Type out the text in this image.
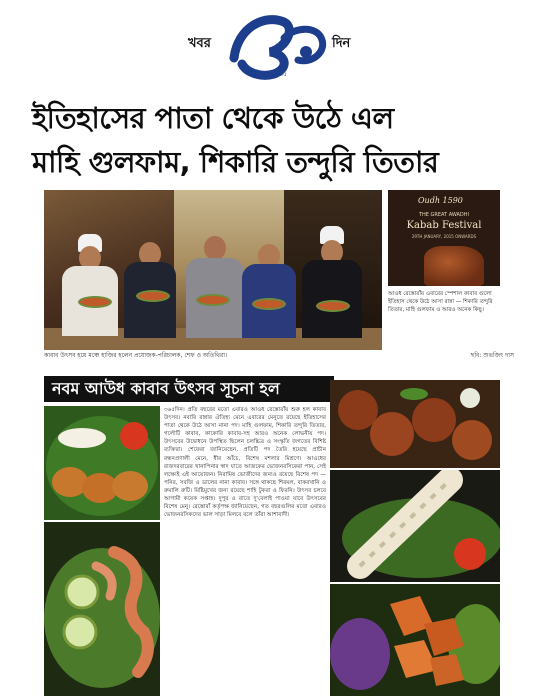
খবর
৩৬৫
দিন
ইতিহাসের পাতা থেকে উঠে এল
মাহি গুলফাম, শিকারি তন্দুরি তিতার
কাবাব উৎসব হয়ে মঞ্চে হাজির হলেন প্রযোজক-পরিচালক, শেফ ও অতিথিরা।	ছবি: শুভজিৎ দাস
Oudh 1590
THE GREAT AWADHI
Kabab Festival
29TH JANUARY, 2015 ONWARDS
আওধ রেস্তোরাঁয় এবারের স্পেশাল কাবাব গুলো ইতিহাস থেকে উঠে আসা রান্না — শিকারি তন্দুরি তিতার, মাহি গুলফাম ও আরও অনেক কিছু।
নবম আউধ কাবাব উৎসব সূচনা হল
৩৬৫দিন। প্রতি বছরের মতো এবারও আওধ রেস্তোরাঁয় শুরু হল কাবাব উৎসব। নবাবি রান্নার ঐতিহ্য মেনে এবারের মেনুতে রয়েছে ইতিহাসের পাতা থেকে উঠে আসা নানা পদ। মাহি গুলফাম, শিকারি তন্দুরি তিতার, গলৌটি কাবাব, কাকোরি কাবাব-সহ আরও অনেক লোভনীয় পদ। উৎসবের উদ্বোধনে উপস্থিত ছিলেন চলচ্চিত্র ও সংস্কৃতি জগতের বিশিষ্ট ব্যক্তিরা। শেফেরা জানিয়েছেন, প্রতিটি পদ তৈরি হয়েছে প্রাচীন রন্ধনপ্রণালী মেনে, ধীর আঁচে, বিশেষ মশলার মিশ্রণে। আওধের রাজদরবারের খানাপিনার স্বাদ যাতে আজকের ভোজনরসিকেরা পান, সেই লক্ষ্যেই এই আয়োজন। নিরামিষ ভোজীদের জন্যও রয়েছে বিশেষ পদ — পনির, সবজি ও ডালের নানা কাবাব। সঙ্গে থাকছে শিরমল, বাকরখানি ও রুমালি রুটি। মিষ্টিমুখের জন্য রয়েছে শাহি টুকরা ও ফিরনি। উৎসব চলবে আগামী কয়েক সপ্তাহ। দুপুর ও রাতে দু'বেলাই পাওয়া যাবে উৎসবের বিশেষ মেনু। রেস্তোরাঁ কর্তৃপক্ষ জানিয়েছেন, গত বছরগুলির মতো এবারও ভোজনরসিকদের ভাল সাড়া মিলবে বলে তাঁরা আশাবাদী।
